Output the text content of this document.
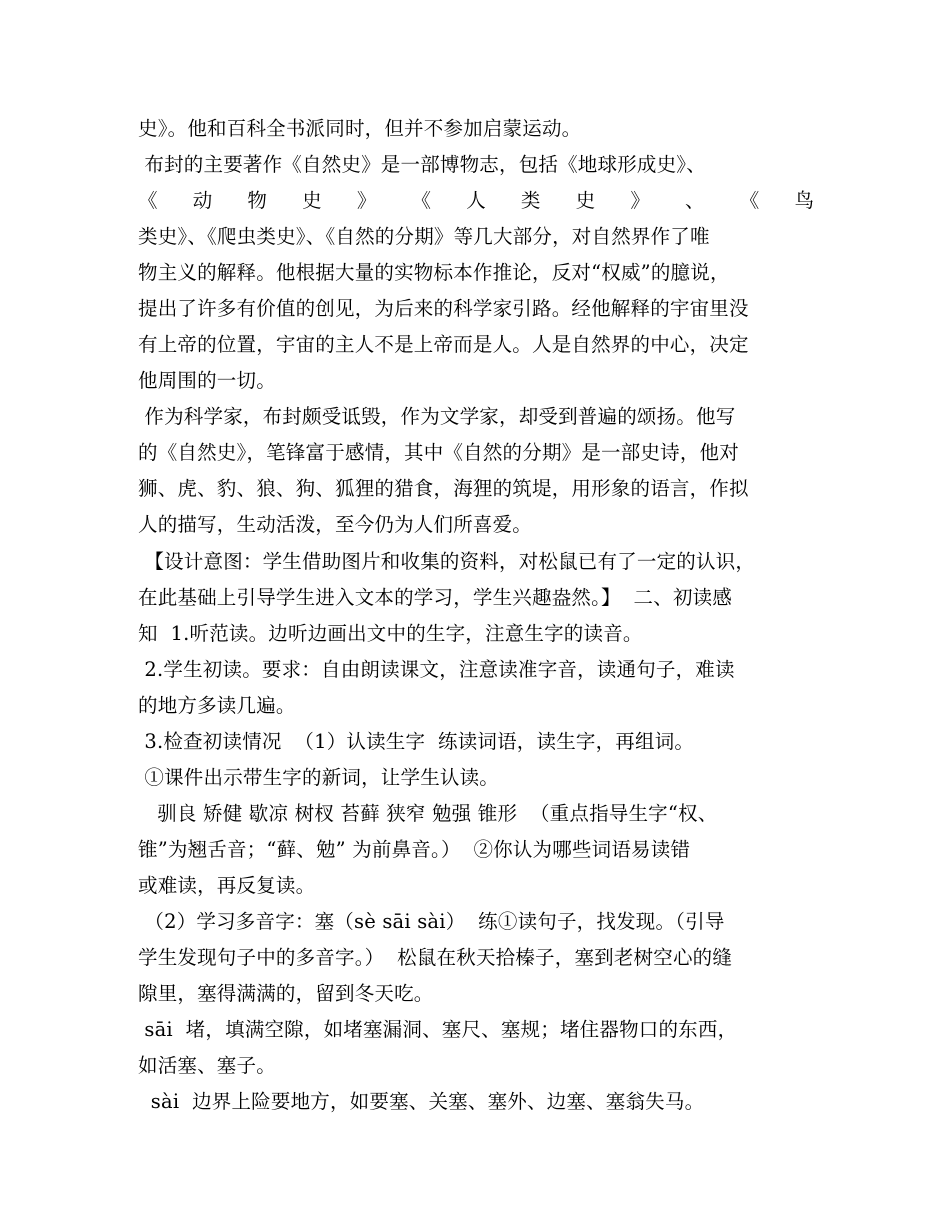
史》。他和百科全书派同时，但并不参加启蒙运动。
布封的主要著作《自然史》是一部博物志，包括《地球形成史》、
《 动 物 史 》 《 人 类 史 》 、 《 鸟
类史》、《爬虫类史》、《自然的分期》等几大部分，对自然界作了唯
物主义的解释。他根据大量的实物标本作推论，反对“权威”的臆说，
提出了许多有价值的创见，为后来的科学家引路。经他解释的宇宙里没
有上帝的位置，宇宙的主人不是上帝而是人。人是自然界的中心，决定
他周围的一切。
作为科学家，布封颇受诋毁，作为文学家，却受到普遍的颂扬。他写
的《自然史》，笔锋富于感情，其中《自然的分期》是一部史诗，他对
狮、虎、豹、狼、狗、狐狸的猎食，海狸的筑堤，用形象的语言，作拟
人的描写，生动活泼，至今仍为人们所喜爱。
【设计意图：学生借助图片和收集的资料，对松鼠已有了一定的认识，
在此基础上引导学生进入文本的学习，学生兴趣盎然。】  二、初读感
知  1.听范读。边听边画出文中的生字，注意生字的读音。
2.学生初读。要求：自由朗读课文，注意读准字音，读通句子，难读
的地方多读几遍。
3.检查初读情况  （1）认读生字  练读词语，读生字，再组词。
①课件出示带生字的新词，让学生认读。
驯良 矫健 歇凉 树杈 苔藓 狭窄 勉强 锥形  （重点指导生字“权、
锥”为翘舌音；“藓、勉” 为前鼻音。）  ②你认为哪些词语易读错
或难读，再反复读。
（2）学习多音字：塞（sè sāi sài）  练①读句子，找发现。（引导
学生发现句子中的多音字。）  松鼠在秋天拾榛子，塞到老树空心的缝
隙里，塞得满满的，留到冬天吃。
sāi  堵，填满空隙，如堵塞漏洞、塞尺、塞规；堵住器物口的东西，
如活塞、塞子。
sài  边界上险要地方，如要塞、关塞、塞外、边塞、塞翁失马。
